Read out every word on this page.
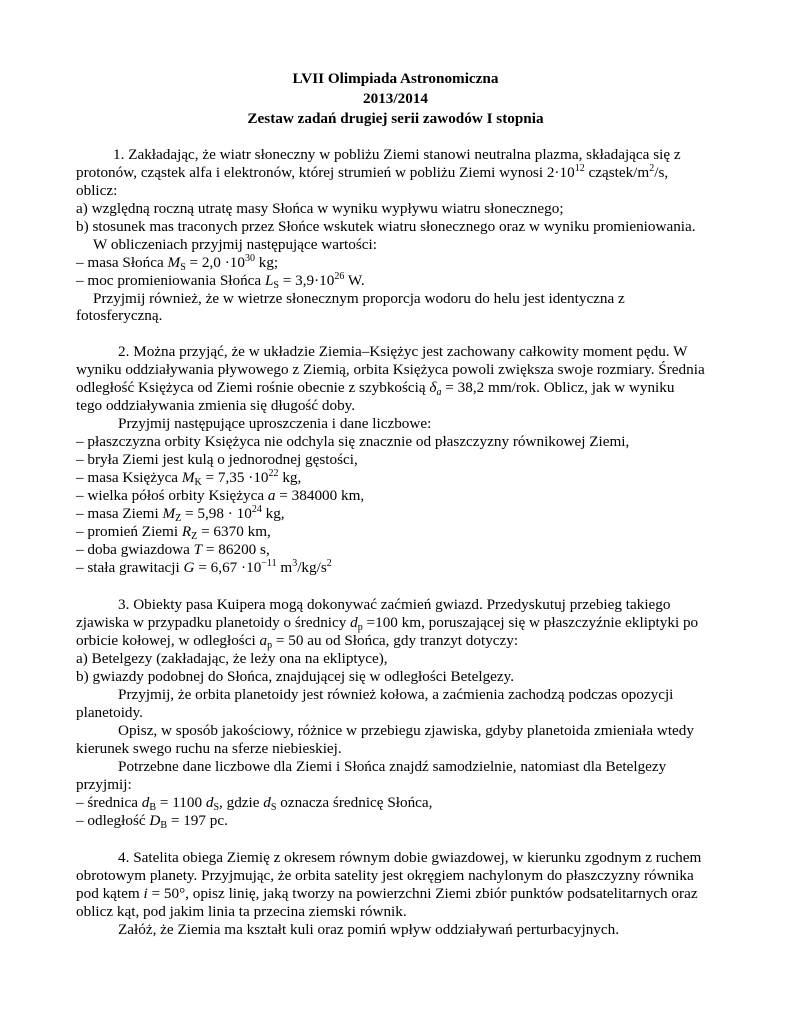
LVII Olimpiada Astronomiczna
2013/2014
Zestaw zadań drugiej serii zawodów I stopnia
1. Zakładając, że wiatr słoneczny w pobliżu Ziemi stanowi neutralna plazma, składająca się z
protonów, cząstek alfa i elektronów, której strumień w pobliżu Ziemi wynosi $2\cdot 10^{12}$ cząstek/$m^2/s$,
oblicz:
a) względną roczną utratę masy Słońca w wyniku wypływu wiatru słonecznego;
b) stosunek mas traconych przez Słońce wskutek wiatru słonecznego oraz w wyniku promieniowania.
W obliczeniach przyjmij następujące wartości:
– masa Słońca $M_S = 2,0 \cdot 10^{30}$ kg;
– moc promieniowania Słońca $L_S = 3,9\cdot 10^{26}$ W.
Przyjmij również, że w wietrze słonecznym proporcja wodoru do helu jest identyczna z
fotosferyczną.
2. Można przyjąć, że w układzie Ziemia–Księżyc jest zachowany całkowity moment pędu. W
wyniku oddziaływania pływowego z Ziemią, orbita Księżyca powoli zwiększa swoje rozmiary. Średnia
odległość Księżyca od Ziemi rośnie obecnie z szybkością $\delta_a = 38,2$ mm/rok. Oblicz, jak w wyniku
tego oddziaływania zmienia się długość doby.
Przyjmij następujące uproszczenia i dane liczbowe:
– płaszczyzna orbity Księżyca nie odchyla się znacznie od płaszczyzny równikowej Ziemi,
– bryła Ziemi jest kulą o jednorodnej gęstości,
– masa Księżyca $M_K = 7,35 \cdot 10^{22}$ kg,
– wielka półoś orbity Księżyca a = 384000 km,
– masa Ziemi $M_Z = 5,98 \cdot 10^{24}$ kg,
– promień Ziemi $R_Z = 6370$ km,
– doba gwiazdowa T = 86200 s,
– stała grawitacji $G = 6,67 \cdot 10^{-11}$ $m^3/kg/s^2$
3. Obiekty pasa Kuipera mogą dokonywać zaćmień gwiazd. Przedyskutuj przebieg takiego
zjawiska w przypadku planetoidy o średnicy $d_p =100$ km, poruszającej się w płaszczyźnie ekliptyki po
orbicie kołowej, w odległości $a_p = 50$ au od Słońca, gdy tranzyt dotyczy:
a) Betelgezy (zakładając, że leży ona na ekliptyce),
b) gwiazdy podobnej do Słońca, znajdującej się w odległości Betelgezy.
Przyjmij, że orbita planetoidy jest również kołowa, a zaćmienia zachodzą podczas opozycji
planetoidy.
Opisz, w sposób jakościowy, różnice w przebiegu zjawiska, gdyby planetoida zmieniała wtedy
kierunek swego ruchu na sferze niebieskiej.
Potrzebne dane liczbowe dla Ziemi i Słońca znajdź samodzielnie, natomiast dla Betelgezy
przyjmij:
– średnica $d_B = 1100$ $d_S$, gdzie $d_S$ oznacza średnicę Słońca,
– odległość $D_B = 197$ pc.
4. Satelita obiega Ziemię z okresem równym dobie gwiazdowej, w kierunku zgodnym z ruchem
obrotowym planety. Przyjmując, że orbita satelity jest okręgiem nachylonym do płaszczyzny równika
pod kątem i = 50°, opisz linię, jaką tworzy na powierzchni Ziemi zbiór punktów podsatelitarnych oraz
oblicz kąt, pod jakim linia ta przecina ziemski równik.
Załóż, że Ziemia ma kształt kuli oraz pomiń wpływ oddziaływań perturbacyjnych.
